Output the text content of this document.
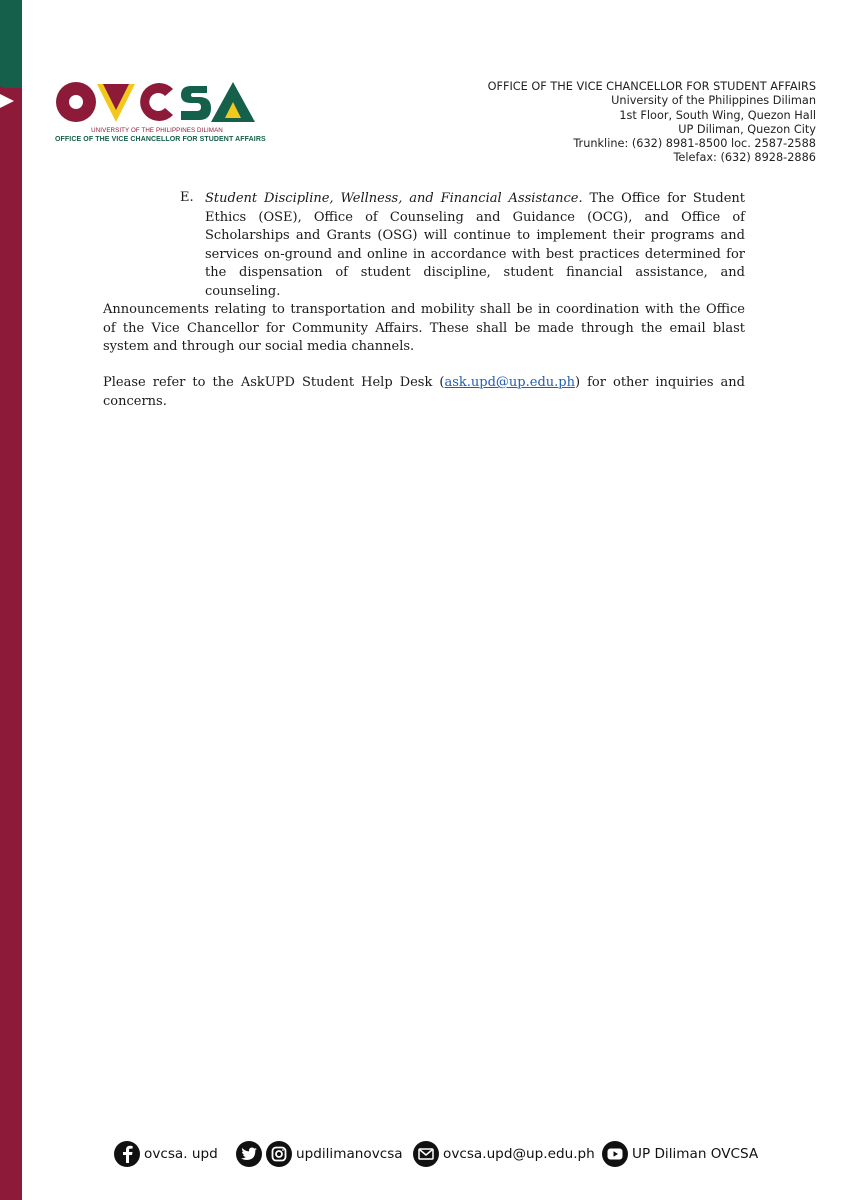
UNIVERSITY OF THE PHILIPPINES DILIMAN
OFFICE OF THE VICE CHANCELLOR FOR STUDENT AFFAIRS
OFFICE OF THE VICE CHANCELLOR FOR STUDENT AFFAIRS
University of the Philippines Diliman
1st Floor, South Wing, Quezon Hall
UP Diliman, Quezon City
Trunkline: (632) 8981-8500 loc. 2587-2588
Telefax: (632) 8928-2886
E. Student Discipline, Wellness, and Financial Assistance. The Office for Student Ethics (OSE), Office of Counseling and Guidance (OCG), and Office of Scholarships and Grants (OSG) will continue to implement their programs and services on-ground and online in accordance with best practices determined for the dispensation of student discipline, student financial assistance, and counseling.
Announcements relating to transportation and mobility shall be in coordination with the Office of the Vice Chancellor for Community Affairs. These shall be made through the email blast system and through our social media channels.
Please refer to the AskUPD Student Help Desk (ask.upd@up.edu.ph) for other inquiries and concerns.
ovcsa. upd	updilimanovcsa	ovcsa.upd@up.edu.ph	UP Diliman OVCSA
